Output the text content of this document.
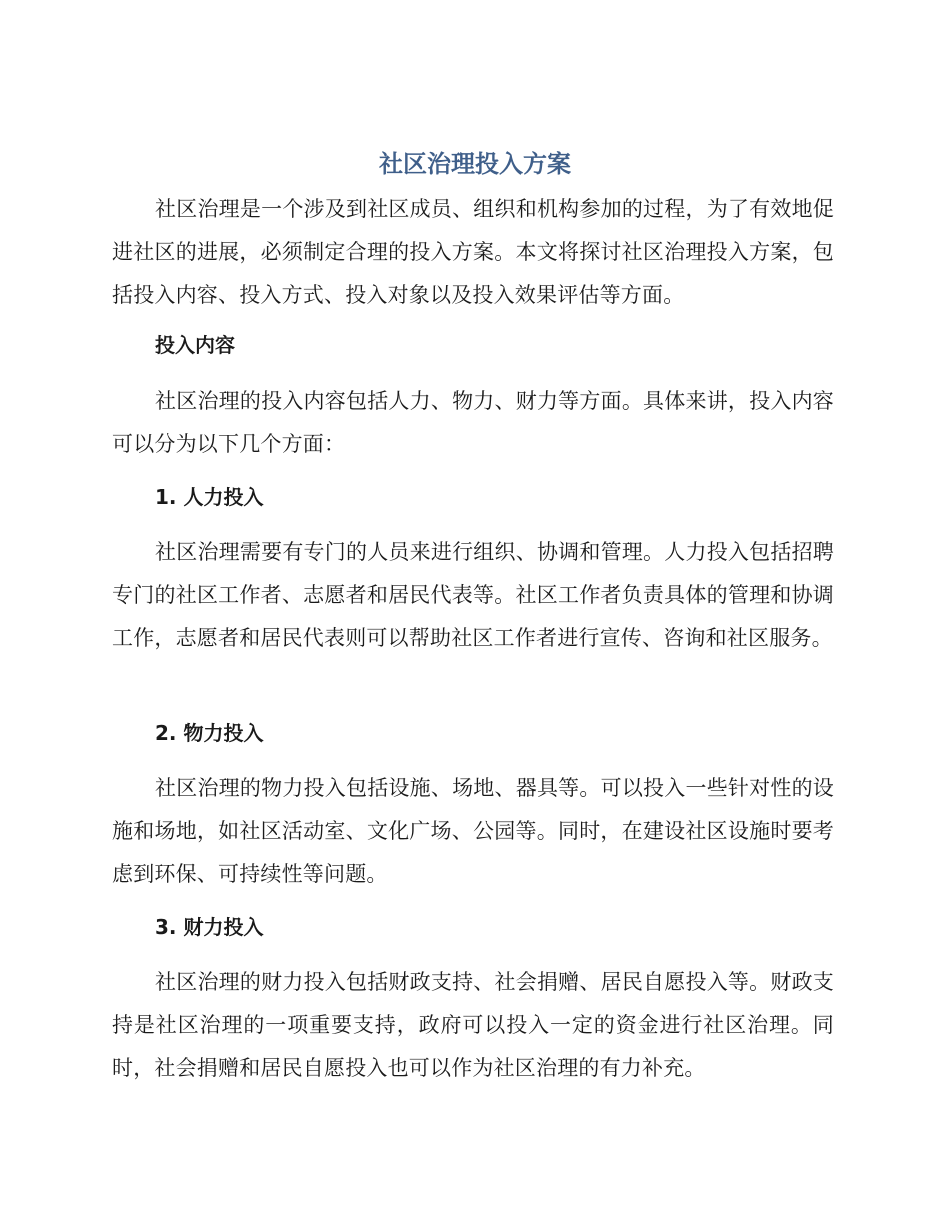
社区治理投入方案

社区治理是一个涉及到社区成员、组织和机构参加的过程，为了有效地促进社区的进展，必须制定合理的投入方案。本文将探讨社区治理投入方案，包括投入内容、投入方式、投入对象以及投入效果评估等方面。

投入内容

社区治理的投入内容包括人力、物力、财力等方面。具体来讲，投入内容可以分为以下几个方面：

1. 人力投入

社区治理需要有专门的人员来进行组织、协调和管理。人力投入包括招聘专门的社区工作者、志愿者和居民代表等。社区工作者负责具体的管理和协调工作，志愿者和居民代表则可以帮助社区工作者进行宣传、咨询和社区服务。

2. 物力投入

社区治理的物力投入包括设施、场地、器具等。可以投入一些针对性的设施和场地，如社区活动室、文化广场、公园等。同时，在建设社区设施时要考虑到环保、可持续性等问题。

3. 财力投入

社区治理的财力投入包括财政支持、社会捐赠、居民自愿投入等。财政支持是社区治理的一项重要支持，政府可以投入一定的资金进行社区治理。同时，社会捐赠和居民自愿投入也可以作为社区治理的有力补充。
